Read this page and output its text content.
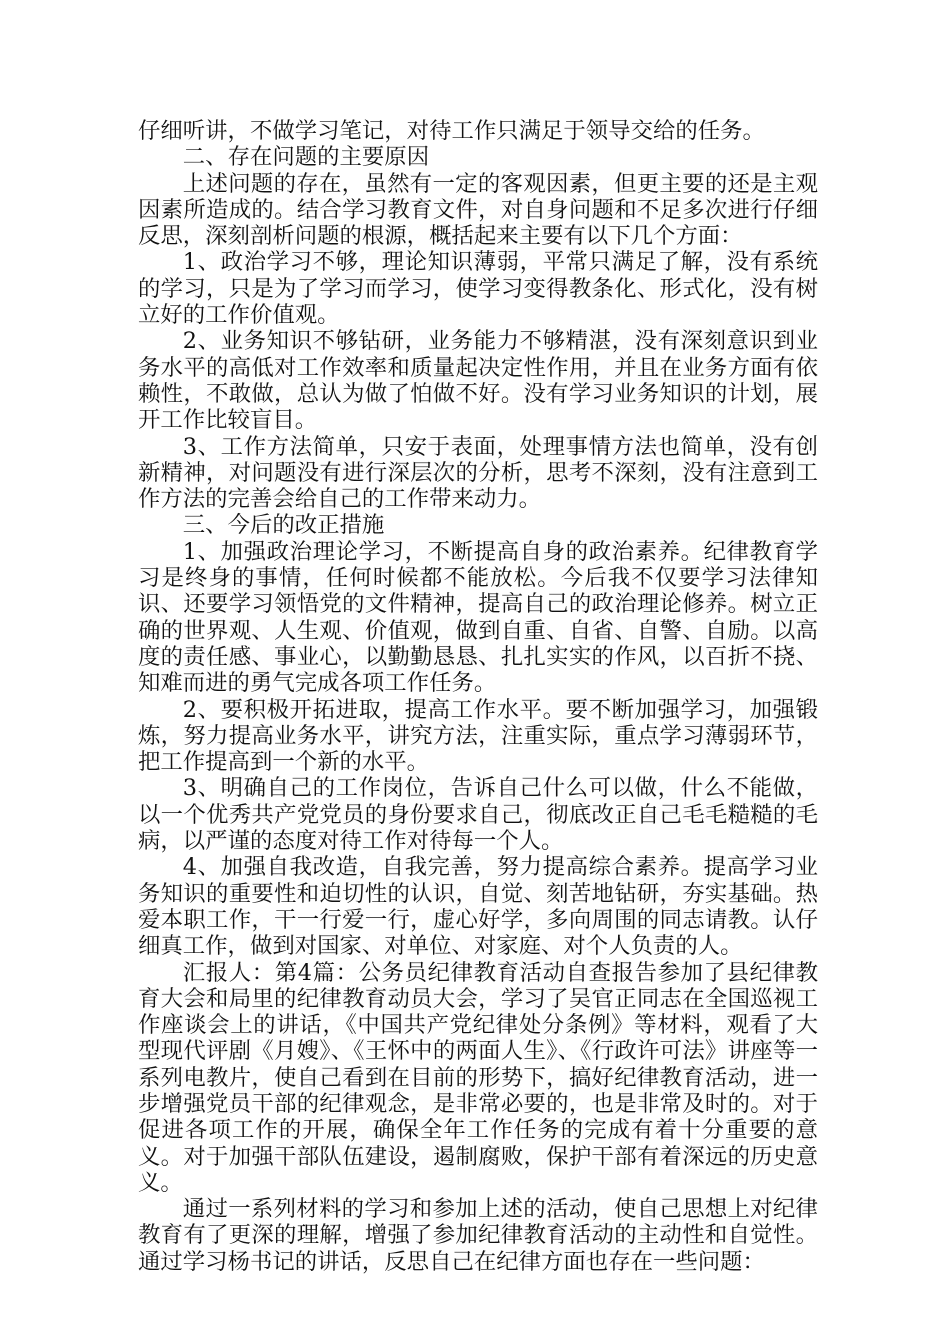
仔细听讲，不做学习笔记，对待工作只满足于领导交给的任务。

二、存在问题的主要原因

上述问题的存在，虽然有一定的客观因素，但更主要的还是主观因素所造成的。结合学习教育文件，对自身问题和不足多次进行仔细反思，深刻剖析问题的根源，概括起来主要有以下几个方面：

1、政治学习不够，理论知识薄弱，平常只满足了解，没有系统的学习，只是为了学习而学习，使学习变得教条化、形式化，没有树立好的工作价值观。

2、业务知识不够钻研，业务能力不够精湛，没有深刻意识到业务水平的高低对工作效率和质量起决定性作用，并且在业务方面有依赖性，不敢做，总认为做了怕做不好。没有学习业务知识的计划，展开工作比较盲目。

3、工作方法简单，只安于表面，处理事情方法也简单，没有创新精神，对问题没有进行深层次的分析，思考不深刻，没有注意到工作方法的完善会给自己的工作带来动力。

三、今后的改正措施

1、加强政治理论学习，不断提高自身的政治素养。纪律教育学习是终身的事情，任何时候都不能放松。今后我不仅要学习法律知识、还要学习领悟党的文件精神，提高自己的政治理论修养。树立正确的世界观、人生观、价值观，做到自重、自省、自警、自励。以高度的责任感、事业心，以勤勤恳恳、扎扎实实的作风，以百折不挠、知难而进的勇气完成各项工作任务。

2、要积极开拓进取，提高工作水平。要不断加强学习，加强锻炼，努力提高业务水平，讲究方法，注重实际，重点学习薄弱环节，把工作提高到一个新的水平。

3、明确自己的工作岗位，告诉自己什么可以做，什么不能做，以一个优秀共产党党员的身份要求自己，彻底改正自己毛毛糙糙的毛病，以严谨的态度对待工作对待每一个人。

4、加强自我改造，自我完善，努力提高综合素养。提高学习业务知识的重要性和迫切性的认识，自觉、刻苦地钻研，夯实基础。热爱本职工作，干一行爱一行，虚心好学，多向周围的同志请教。认仔细真工作，做到对国家、对单位、对家庭、对个人负责的人。

汇报人：第4篇：公务员纪律教育活动自查报告参加了县纪律教育大会和局里的纪律教育动员大会，学习了吴官正同志在全国巡视工作座谈会上的讲话，《中国共产党纪律处分条例》等材料，观看了大型现代评剧《月嫂》、《王怀中的两面人生》、《行政许可法》讲座等一系列电教片，使自己看到在目前的形势下，搞好纪律教育活动，进一步增强党员干部的纪律观念，是非常必要的，也是非常及时的。对于促进各项工作的开展，确保全年工作任务的完成有着十分重要的意义。对于加强干部队伍建设，遏制腐败，保护干部有着深远的历史意义。

通过一系列材料的学习和参加上述的活动，使自己思想上对纪律教育有了更深的理解，增强了参加纪律教育活动的主动性和自觉性。通过学习杨书记的讲话，反思自己在纪律方面也存在一些问题：
